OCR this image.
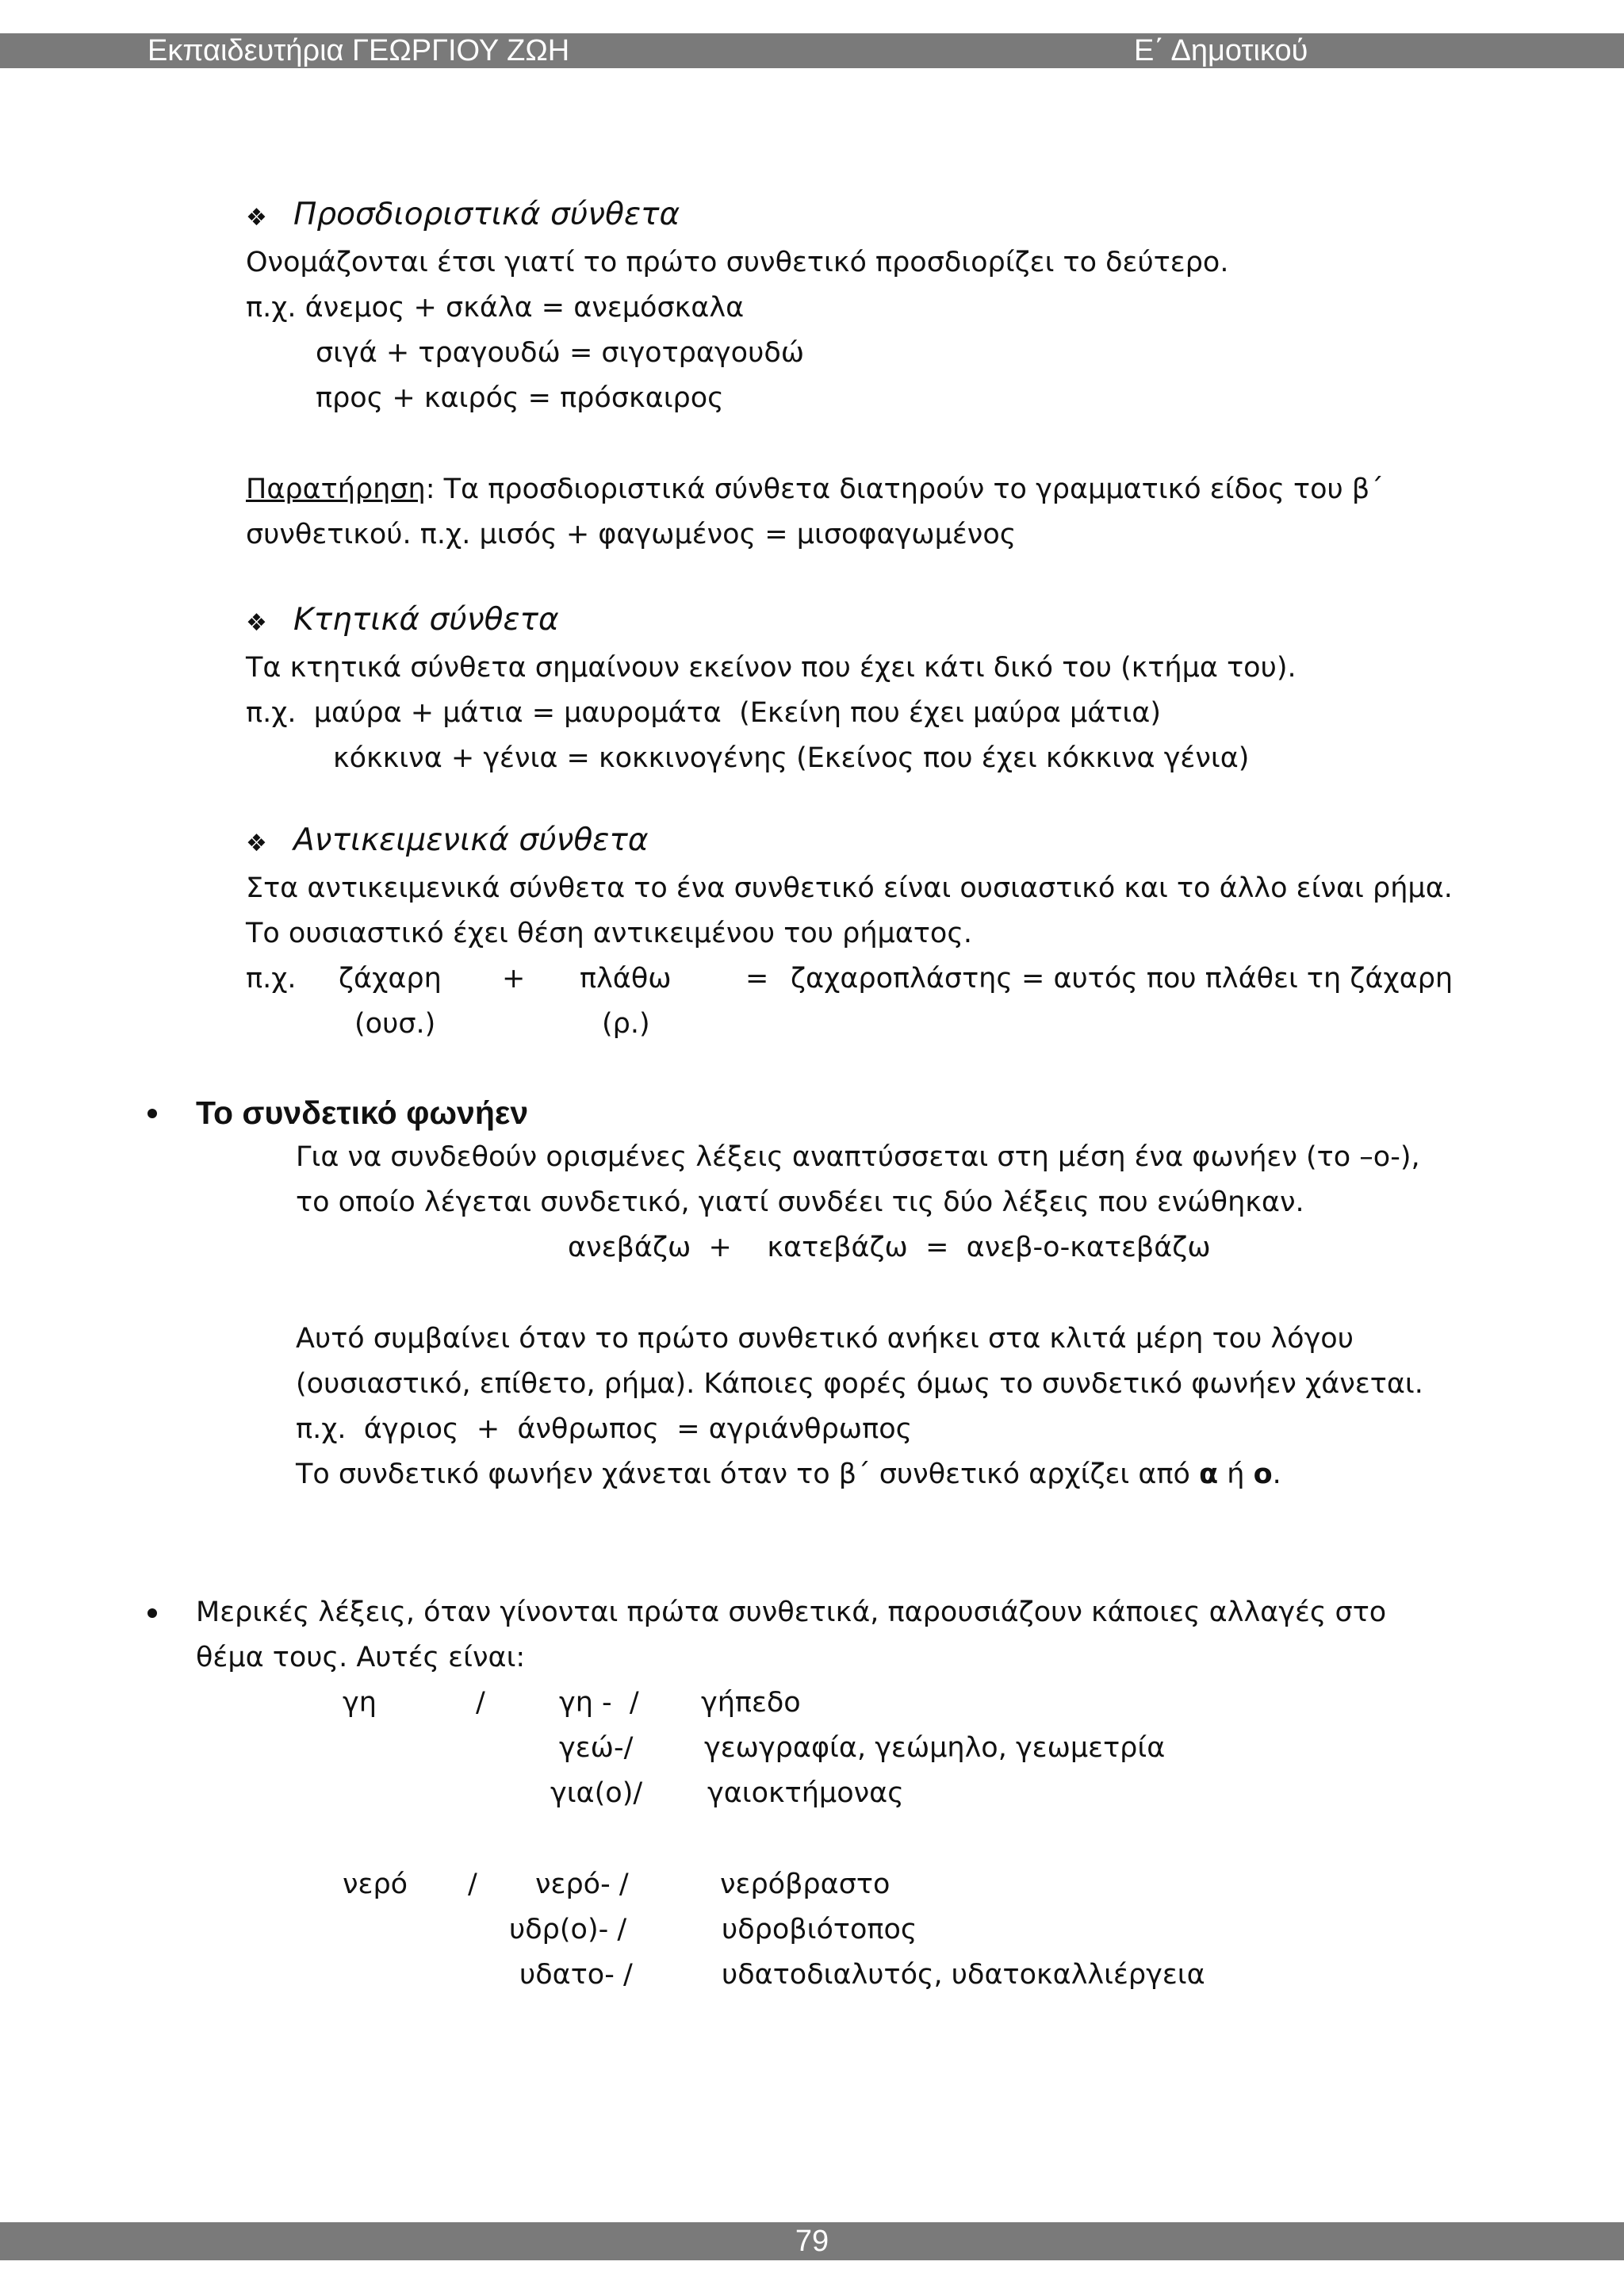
Εκπαιδευτήρια ΓΕΩΡΓΙΟΥ ΖΩΗ	Ε΄ Δημοτικού
❖ Προσδιοριστικά σύνθετα
Ονομάζονται έτσι γιατί το πρώτο συνθετικό προσδιορίζει το δεύτερο.
π.χ. άνεμος + σκάλα = ανεμόσκαλα
σιγά + τραγουδώ = σιγοτραγουδώ
προς + καιρός = πρόσκαιρος
Παρατήρηση: Τα προσδιοριστικά σύνθετα διατηρούν το γραμματικό είδος του β΄
συνθετικού. π.χ. μισός + φαγωμένος = μισοφαγωμένος
❖ Κτητικά σύνθετα
Τα κτητικά σύνθετα σημαίνουν εκείνον που έχει κάτι δικό του (κτήμα του).
π.χ.  μαύρα + μάτια = μαυρομάτα  (Εκείνη που έχει μαύρα μάτια)
κόκκινα + γένια = κοκκινογένης (Εκείνος που έχει κόκκινα γένια)
❖ Αντικειμενικά σύνθετα
Στα αντικειμενικά σύνθετα το ένα συνθετικό είναι ουσιαστικό και το άλλο είναι ρήμα.
Το ουσιαστικό έχει θέση αντικειμένου του ρήματος.
π.χ. ζάχαρη + πλάθω	= ζαχαροπλάστης = αυτός που πλάθει τη ζάχαρη
(ουσ.)	(ρ.)
Το συνδετικό φωνήεν
Για να συνδεθούν ορισμένες λέξεις αναπτύσσεται στη μέση ένα φωνήεν (το –ο-),
το οποίο λέγεται συνδετικό, γιατί συνδέει τις δύο λέξεις που ενώθηκαν.
ανεβάζω  +    κατεβάζω  =  ανεβ-ο-κατεβάζω
Αυτό συμβαίνει όταν το πρώτο συνθετικό ανήκει στα κλιτά μέρη του λόγου
(ουσιαστικό, επίθετο, ρήμα). Κάποιες φορές όμως το συνδετικό φωνήεν χάνεται.
π.χ.  άγριος  +  άνθρωπος  = αγριάνθρωπος
Το συνδετικό φωνήεν χάνεται όταν το β΄ συνθετικό αρχίζει από α ή ο.
Μερικές λέξεις, όταν γίνονται πρώτα συνθετικά, παρουσιάζουν κάποιες αλλαγές στο
θέμα τους. Αυτές είναι:
γη	/	γη -  / γήπεδο
γεώ-/	γεωγραφία, γεώμηλο, γεωμετρία
για(ο)/ γαιοκτήμονας
νερό / νερό- /	νερόβραστο
υδρ(ο)- /	υδροβιότοπος
υδατο- /	υδατοδιαλυτός, υδατοκαλλιέργεια
79
